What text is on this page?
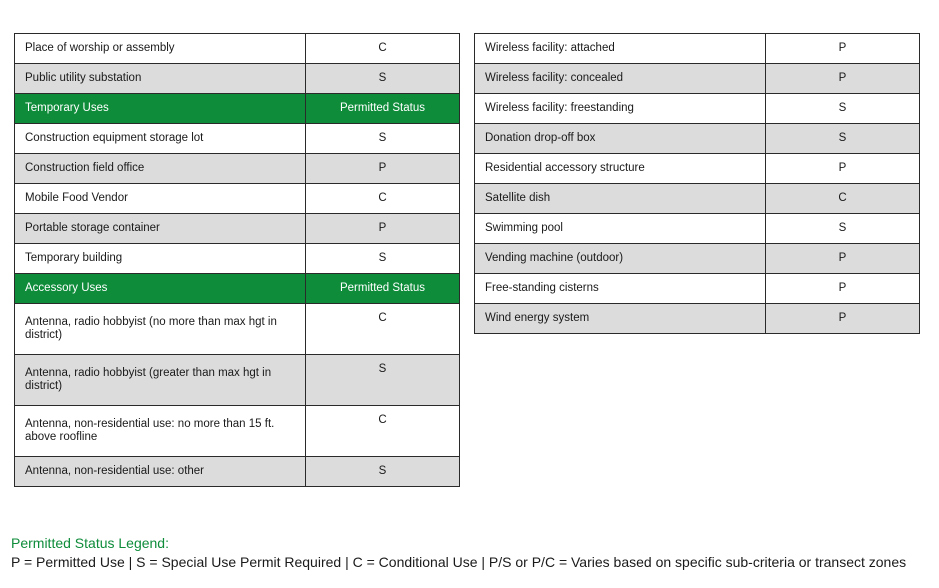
Place of worship or assembly	C
Public utility substation	S
Temporary Uses	Permitted Status
Construction equipment storage lot	S
Construction field office	P
Mobile Food Vendor	C
Portable storage container	P
Temporary building	S
Accessory Uses	Permitted Status
Antenna, radio hobbyist (no more than max hgt in district)	C
Antenna, radio hobbyist (greater than max hgt in district)	S
Antenna, non-residential use: no more than 15 ft. above roofline	C
Antenna, non-residential use: other	S
Wireless facility: attached	P
Wireless facility: concealed	P
Wireless facility: freestanding	S
Donation drop-off box	S
Residential accessory structure	P
Satellite dish	C
Swimming pool	S
Vending machine (outdoor)	P
Free-standing cisterns	P
Wind energy system	P
Permitted Status Legend:
P = Permitted Use | S = Special Use Permit Required | C = Conditional Use | P/S or P/C = Varies based on specific sub-criteria or transect zones
